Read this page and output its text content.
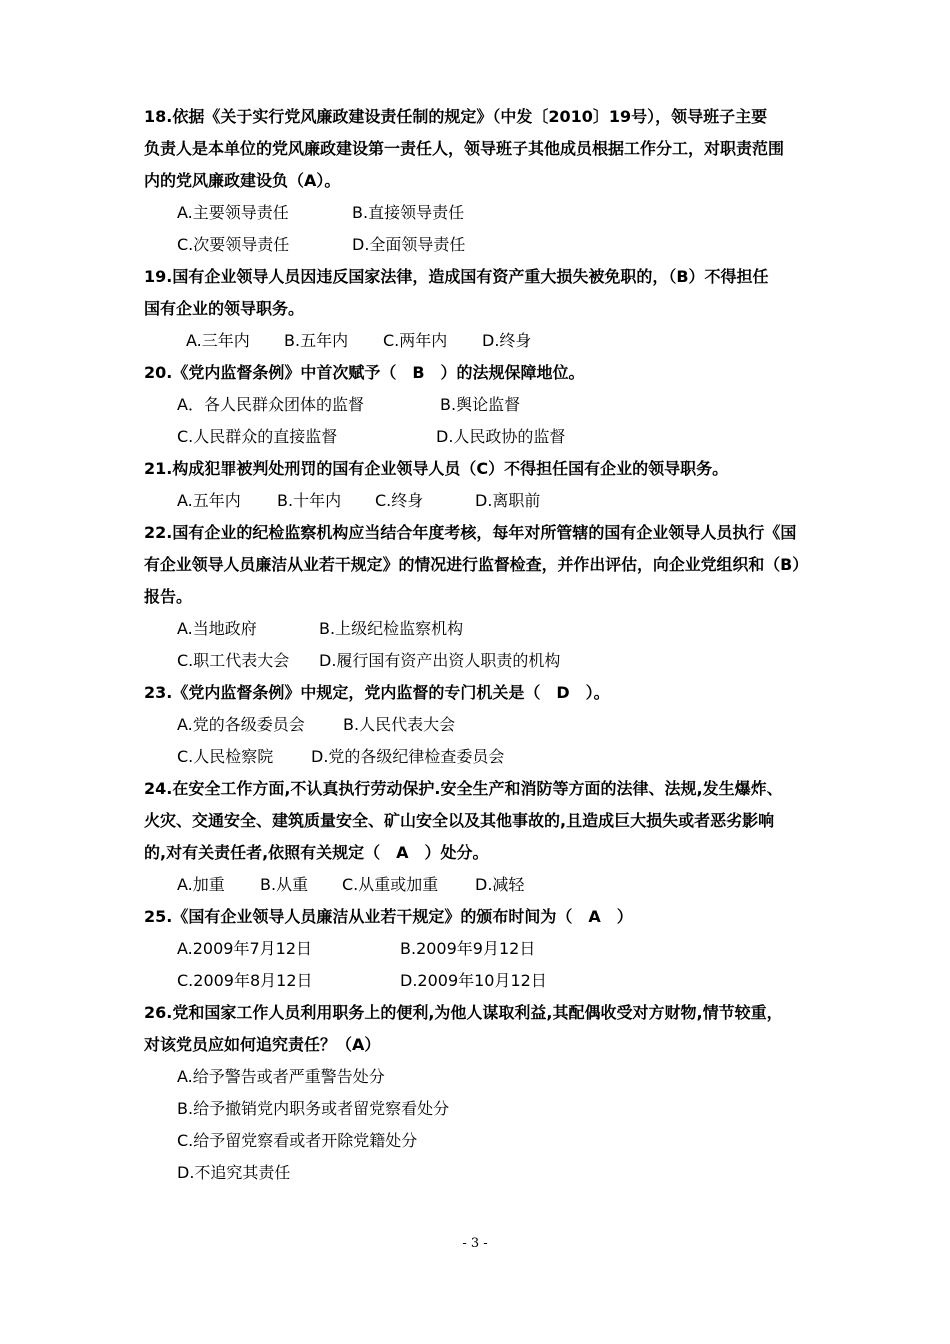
18.依据《关于实行党风廉政建设责任制的规定》（中发〔2010〕19号），领导班子主要
负责人是本单位的党风廉政建设第一责任人，领导班子其他成员根据工作分工，对职责范围
内的党风廉政建设负（A）。
A.主要领导责任	B.直接领导责任
C.次要领导责任	D.全面领导责任
19.国有企业领导人员因违反国家法律，造成国有资产重大损失被免职的，（B）不得担任
国有企业的领导职务。
A.三年内 B.五年内 C.两年内 D.终身
20.《党内监督条例》中首次赋予（　B　）的法规保障地位。
A．各人民群众团体的监督	B.舆论监督
C.人民群众的直接监督	D.人民政协的监督
21.构成犯罪被判处刑罚的国有企业领导人员（C）不得担任国有企业的领导职务。
A.五年内 B.十年内 C.终身	D.离职前
22.国有企业的纪检监察机构应当结合年度考核，每年对所管辖的国有企业领导人员执行《国
有企业领导人员廉洁从业若干规定》的情况进行监督检查，并作出评估，向企业党组织和（B）
报告。
A.当地政府	B.上级纪检监察机构
C.职工代表大会 D.履行国有资产出资人职责的机构
23.《党内监督条例》中规定，党内监督的专门机关是（　D　）。
A.党的各级委员会 B.人民代表大会
C.人民检察院 D.党的各级纪律检查委员会
24.在安全工作方面,不认真执行劳动保护.安全生产和消防等方面的法律、法规,发生爆炸、
火灾、交通安全、建筑质量安全、矿山安全以及其他事故的,且造成巨大损失或者恶劣影响
的,对有关责任者,依照有关规定（　A　）处分。
A.加重 B.从重 C.从重或加重 D.减轻
25.《国有企业领导人员廉洁从业若干规定》的颁布时间为（　A　）
A.2009年7月12日	B.2009年9月12日
C.2009年8月12日	D.2009年10月12日
26.党和国家工作人员利用职务上的便利,为他人谋取利益,其配偶收受对方财物,情节较重，
对该党员应如何追究责任？（A）
A.给予警告或者严重警告处分
B.给予撤销党内职务或者留党察看处分
C.给予留党察看或者开除党籍处分
D.不追究其责任
- 3 -
